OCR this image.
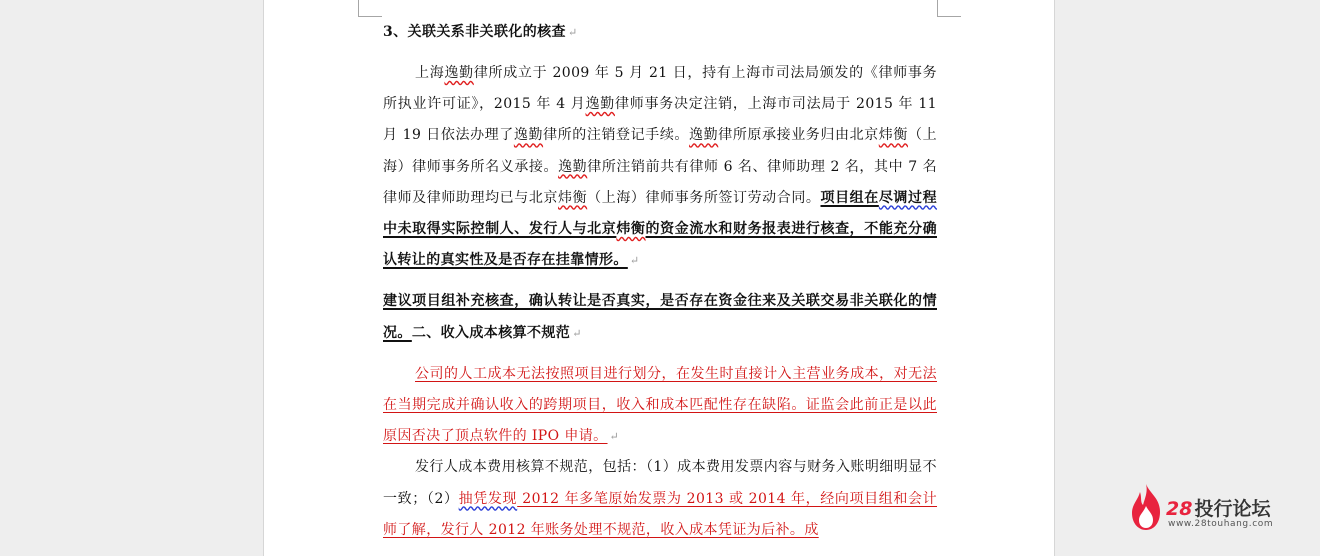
3、关联关系非关联化的核查 ↵

上海逸勤律所成立于 2009 年 5 月 21 日，持有上海市司法局颁发的《律师事务所执业许可证》，2015 年 4 月逸勤律师事务决定注销，上海市司法局于 2015 年 11 月 19 日依法办理了逸勤律所的注销登记手续。逸勤律所原承接业务归由北京炜衡（上海）律师事务所名义承接。逸勤律所注销前共有律师 6 名、律师助理 2 名，其中 7 名律师及律师助理均已与北京炜衡（上海）律师事务所签订劳动合同。项目组在尽调过程中未取得实际控制人、发行人与北京炜衡的资金流水和财务报表进行核查，不能充分确认转让的真实性及是否存在挂靠情形。 ↵

建议项目组补充核查，确认转让是否真实，是否存在资金往来及关联交易非关联化的情况。二、收入成本核算不规范 ↵

公司的人工成本无法按照项目进行划分，在发生时直接计入主营业务成本，对无法在当期完成并确认收入的跨期项目，收入和成本匹配性存在缺陷。证监会此前正是以此原因否决了顶点软件的 IPO 申请。 ↵

发行人成本费用核算不规范，包括：（1）成本费用发票内容与财务入账明细明显不一致；（2）抽凭发现 2012 年多笔原始发票为 2013 或 2014 年，经向项目组和会计师了解，发行人 2012 年账务处理不规范，收入成本凭证为后补。成

28 投行论坛
www.28touhang.com
